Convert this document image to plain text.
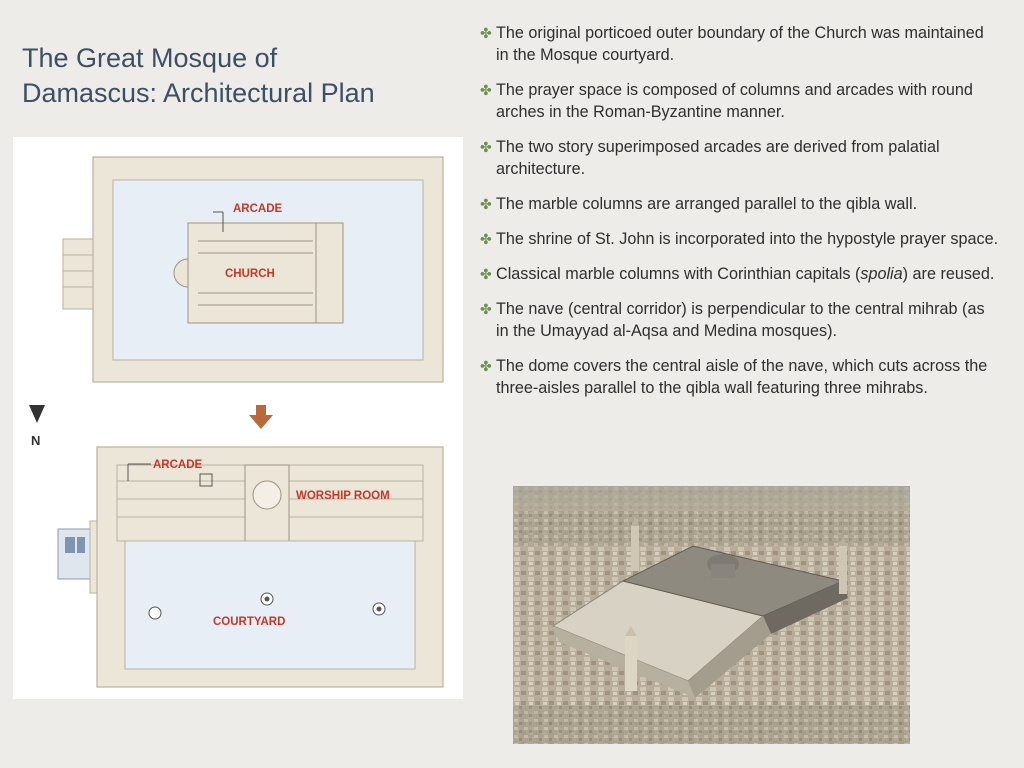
The Great Mosque of
Damascus: Architectural Plan
✤ The original porticoed outer boundary of the Church was maintained in the Mosque courtyard.
✤ The prayer space is composed of columns and arcades with round arches in the Roman-Byzantine manner.
✤ The two story superimposed arcades are derived from palatial architecture.
✤ The marble columns are arranged parallel to the qibla wall.
✤ The shrine of St. John is incorporated into the hypostyle prayer space.
✤ Classical marble columns with Corinthian capitals (spolia) are reused.
✤ The nave (central corridor) is perpendicular to the central mihrab (as in the Umayyad al-Aqsa and Medina mosques).
✤ The dome covers the central aisle of the nave, which cuts across the three-aisles parallel to the qibla wall featuring three mihrabs.
ARCADE
CHURCH
N
ARCADE
WORSHIP ROOM
COURTYARD
